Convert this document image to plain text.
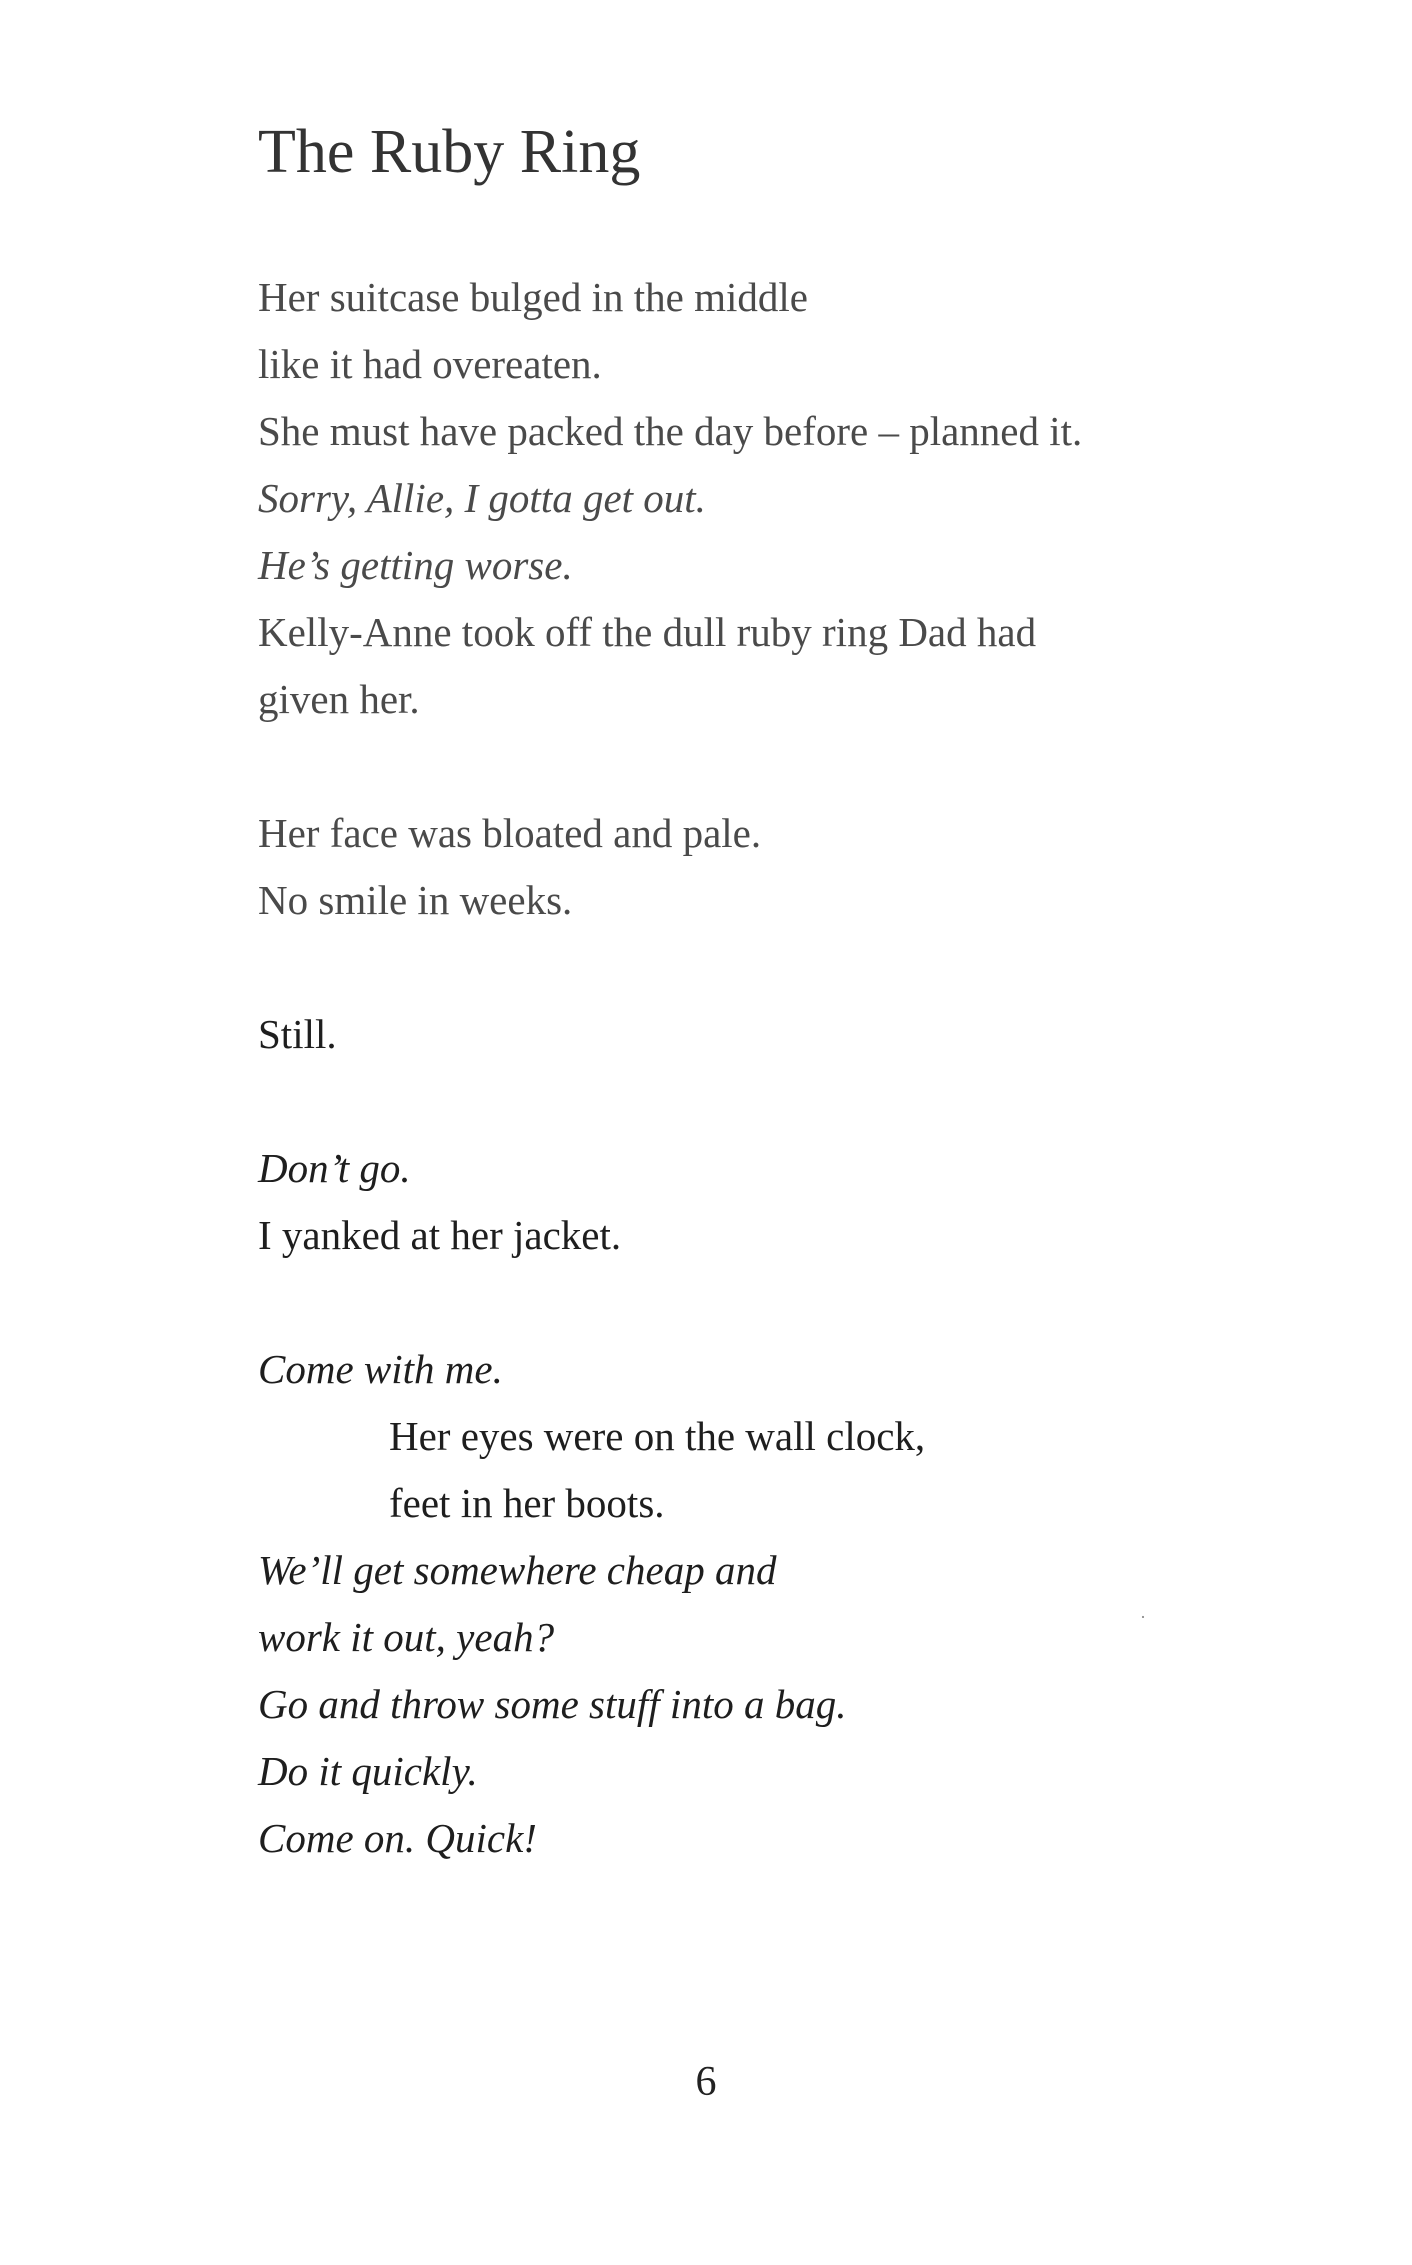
The Ruby Ring
Her suitcase bulged in the middle
like it had overeaten.
She must have packed the day before – planned it.
Sorry, Allie, I gotta get out.
He’s getting worse.
Kelly-Anne took off the dull ruby ring Dad had
given her.
Her face was bloated and pale.
No smile in weeks.
Still.
Don’t go.
I yanked at her jacket.
Come with me.
Her eyes were on the wall clock,
feet in her boots.
We’ll get somewhere cheap and
work it out, yeah?
Go and throw some stuff into a bag.
Do it quickly.
Come on. Quick!
·
6
